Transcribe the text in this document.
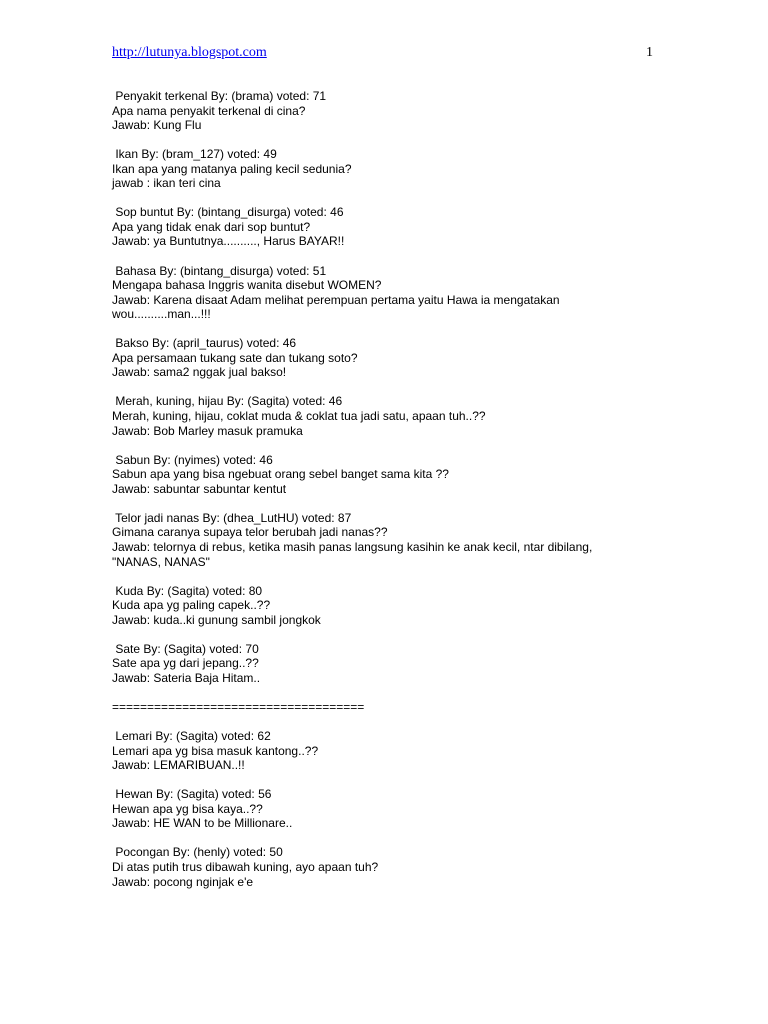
http://lutunya.blogspot.com	1
Penyakit terkenal By: (brama) voted: 71
Apa nama penyakit terkenal di cina?
Jawab: Kung Flu
Ikan By: (bram_127) voted: 49
Ikan apa yang matanya paling kecil sedunia?
jawab : ikan teri cina
Sop buntut By: (bintang_disurga) voted: 46
Apa yang tidak enak dari sop buntut?
Jawab: ya Buntutnya.........., Harus BAYAR!!
Bahasa By: (bintang_disurga) voted: 51
Mengapa bahasa Inggris wanita disebut WOMEN?
Jawab: Karena disaat Adam melihat perempuan pertama yaitu Hawa ia mengatakan
wou..........man...!!!
Bakso By: (april_taurus) voted: 46
Apa persamaan tukang sate dan tukang soto?
Jawab: sama2 nggak jual bakso!
Merah, kuning, hijau By: (Sagita) voted: 46
Merah, kuning, hijau, coklat muda & coklat tua jadi satu, apaan tuh..??
Jawab: Bob Marley masuk pramuka
Sabun By: (nyimes) voted: 46
Sabun apa yang bisa ngebuat orang sebel banget sama kita ??
Jawab: sabuntar sabuntar kentut
Telor jadi nanas By: (dhea_LutHU) voted: 87
Gimana caranya supaya telor berubah jadi nanas??
Jawab: telornya di rebus, ketika masih panas langsung kasihin ke anak kecil, ntar dibilang,
"NANAS, NANAS"
Kuda By: (Sagita) voted: 80
Kuda apa yg paling capek..??
Jawab: kuda..ki gunung sambil jongkok
Sate By: (Sagita) voted: 70
Sate apa yg dari jepang..??
Jawab: Sateria Baja Hitam..
====================================
Lemari By: (Sagita) voted: 62
Lemari apa yg bisa masuk kantong..??
Jawab: LEMARIBUAN..!!
Hewan By: (Sagita) voted: 56
Hewan apa yg bisa kaya..??
Jawab: HE WAN to be Millionare..
Pocongan By: (henly) voted: 50
Di atas putih trus dibawah kuning, ayo apaan tuh?
Jawab: pocong nginjak e'e
